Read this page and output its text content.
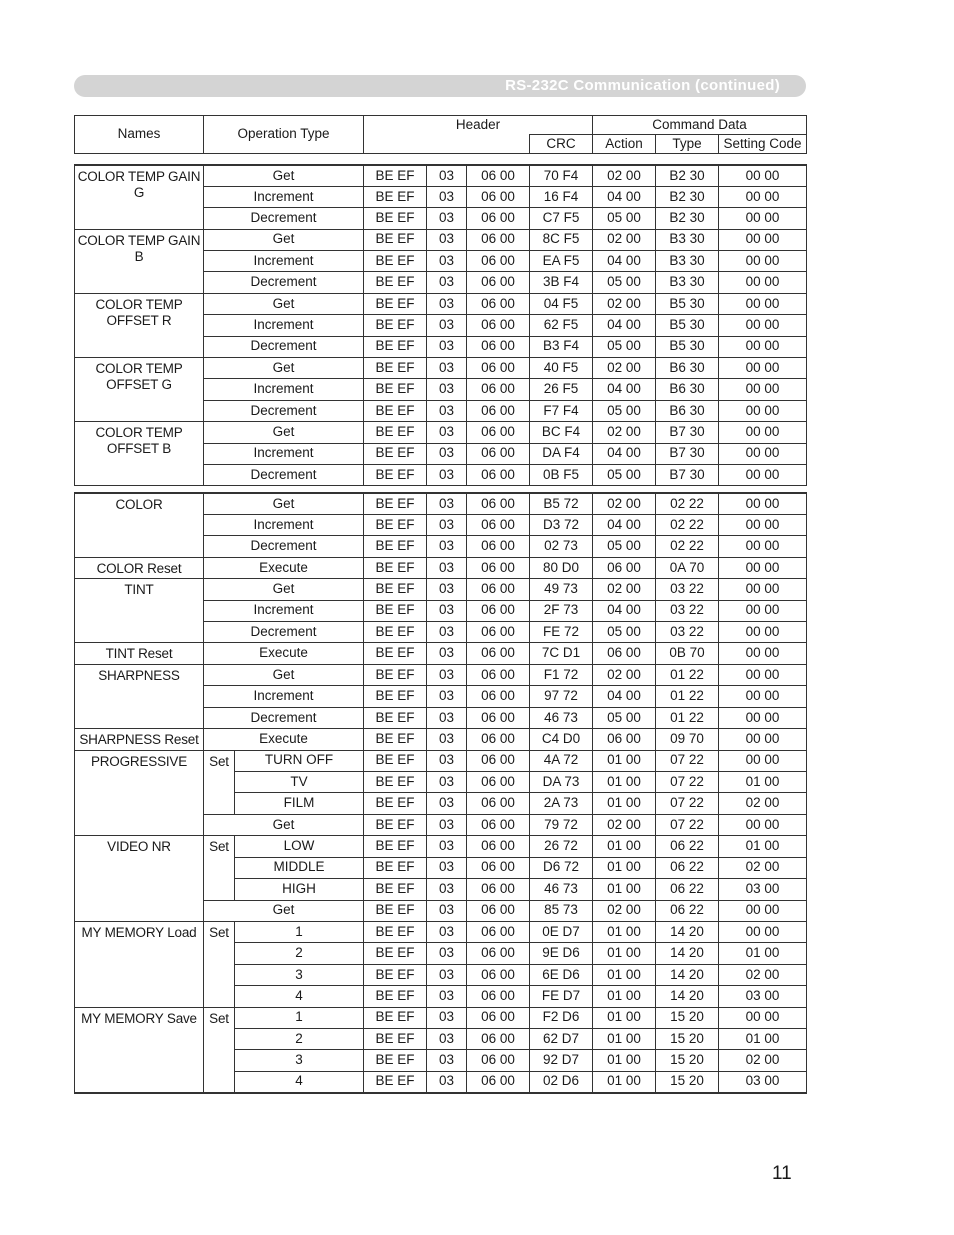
RS-232C Communication (continued)
Names	Operation Type	Header		Command Data		
			CRC	Action	Type	Setting Code
COLOR TEMP GAIN G	Get	BE EF	03	06 00	70 F4	02 00	B2 30	00 00
	Increment	BE EF	03	06 00	16 F4	04 00	B2 30	00 00
	Decrement	BE EF	03	06 00	C7 F5	05 00	B2 30	00 00
COLOR TEMP GAIN B	Get	BE EF	03	06 00	8C F5	02 00	B3 30	00 00
	Increment	BE EF	03	06 00	EA F5	04 00	B3 30	00 00
	Decrement	BE EF	03	06 00	3B F4	05 00	B3 30	00 00
COLOR TEMP
OFFSET R	Get	BE EF	03	06 00	04 F5	02 00	B5 30	00 00
	Increment	BE EF	03	06 00	62 F5	04 00	B5 30	00 00
	Decrement	BE EF	03	06 00	B3 F4	05 00	B5 30	00 00
COLOR TEMP
OFFSET G	Get	BE EF	03	06 00	40 F5	02 00	B6 30	00 00
	Increment	BE EF	03	06 00	26 F5	04 00	B6 30	00 00
	Decrement	BE EF	03	06 00	F7 F4	05 00	B6 30	00 00
COLOR TEMP
OFFSET B	Get	BE EF	03	06 00	BC F4	02 00	B7 30	00 00
	Increment	BE EF	03	06 00	DA F4	04 00	B7 30	00 00
	Decrement	BE EF	03	06 00	0B F5	05 00	B7 30	00 00
COLOR	Get		BE EF	03	06 00	B5 72	02 00	02 22	00 00
	Increment		BE EF	03	06 00	D3 72	04 00	02 22	00 00
	Decrement		BE EF	03	06 00	02 73	05 00	02 22	00 00
COLOR Reset	Execute		BE EF	03	06 00	80 D0	06 00	0A 70	00 00
TINT	Get		BE EF	03	06 00	49 73	02 00	03 22	00 00
	Increment		BE EF	03	06 00	2F 73	04 00	03 22	00 00
	Decrement		BE EF	03	06 00	FE 72	05 00	03 22	00 00
TINT Reset	Execute		BE EF	03	06 00	7C D1	06 00	0B 70	00 00
SHARPNESS	Get		BE EF	03	06 00	F1 72	02 00	01 22	00 00
	Increment		BE EF	03	06 00	97 72	04 00	01 22	00 00
	Decrement		BE EF	03	06 00	46 73	05 00	01 22	00 00
SHARPNESS Reset	Execute		BE EF	03	06 00	C4 D0	06 00	09 70	00 00
PROGRESSIVE	Set	TURN OFF	BE EF	03	06 00	4A 72	01 00	07 22	00 00
		TV	BE EF	03	06 00	DA 73	01 00	07 22	01 00
		FILM	BE EF	03	06 00	2A 73	01 00	07 22	02 00
	Get		BE EF	03	06 00	79 72	02 00	07 22	00 00
VIDEO NR	Set	LOW	BE EF	03	06 00	26 72	01 00	06 22	01 00
		MIDDLE	BE EF	03	06 00	D6 72	01 00	06 22	02 00
		HIGH	BE EF	03	06 00	46 73	01 00	06 22	03 00
	Get		BE EF	03	06 00	85 73	02 00	06 22	00 00
MY MEMORY Load	Set	1	BE EF	03	06 00	0E D7	01 00	14 20	00 00
		2	BE EF	03	06 00	9E D6	01 00	14 20	01 00
		3	BE EF	03	06 00	6E D6	01 00	14 20	02 00
		4	BE EF	03	06 00	FE D7	01 00	14 20	03 00
MY MEMORY Save	Set	1	BE EF	03	06 00	F2 D6	01 00	15 20	00 00
		2	BE EF	03	06 00	62 D7	01 00	15 20	01 00
		3	BE EF	03	06 00	92 D7	01 00	15 20	02 00
		4	BE EF	03	06 00	02 D6	01 00	15 20	03 00
11
